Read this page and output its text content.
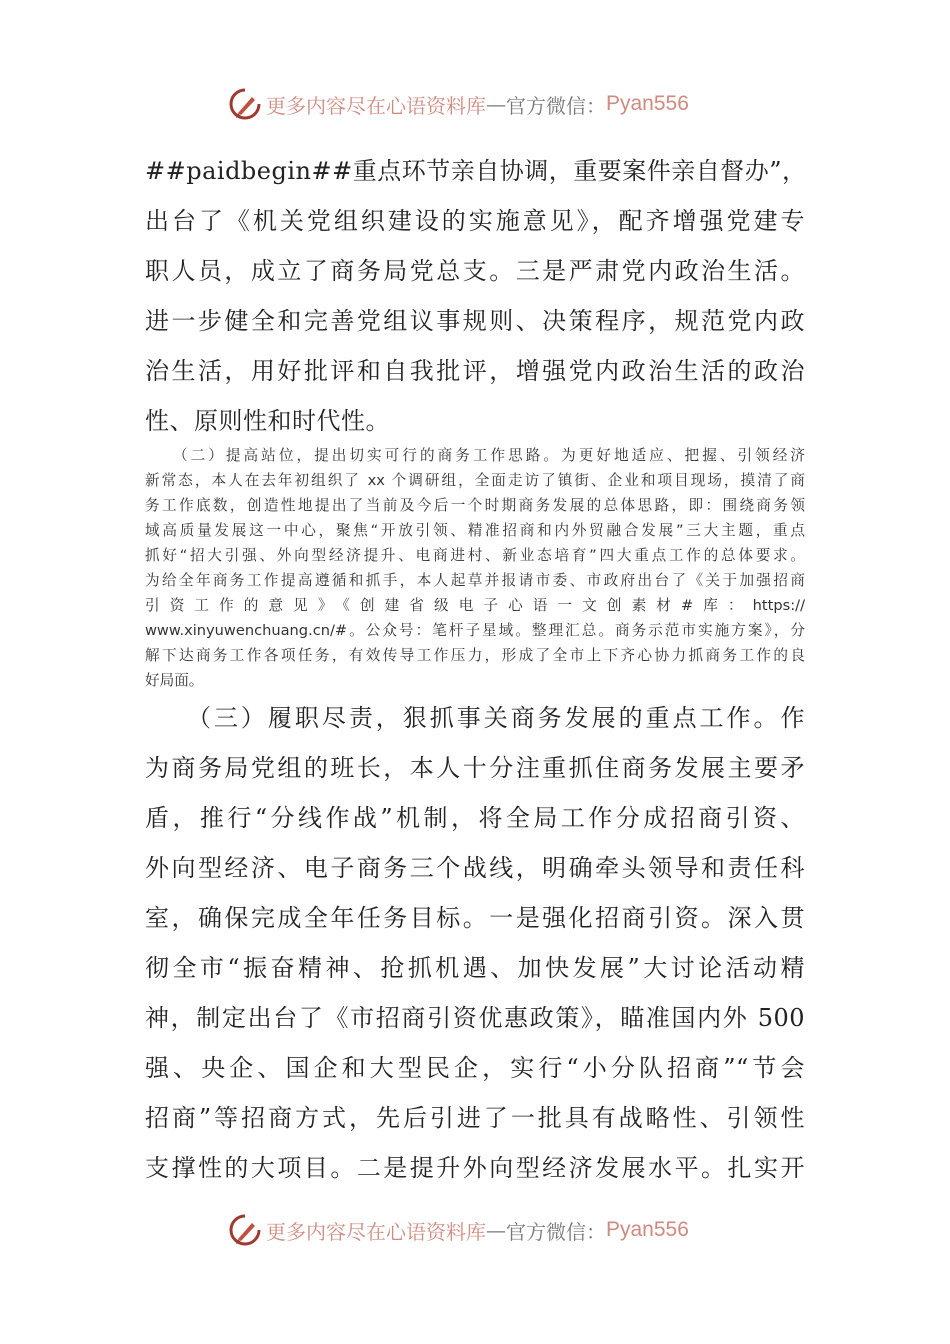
更多内容尽在心语资料库 — 官方微信： Pyan556
##paidbegin##重点环节亲自协调，重要案件亲自督办”，
出台了《机关党组织建设的实施意见》，配齐增强党建专
职人员，成立了商务局党总支。三是严肃党内政治生活。
进一步健全和完善党组议事规则、决策程序，规范党内政
治生活，用好批评和自我批评，增强党内政治生活的政治
性、原则性和时代性。
　　（二）提高站位，提出切实可行的商务工作思路。为更好地适应、把握、引领经济
新常态，本人在去年初组织了 xx 个调研组，全面走访了镇街、企业和项目现场，摸清了商
务工作底数，创造性地提出了当前及今后一个时期商务发展的总体思路，即：围绕商务领
域高质量发展这一中心，聚焦“开放引领、精准招商和内外贸融合发展”三大主题，重点
抓好“招大引强、外向型经济提升、电商进村、新业态培育”四大重点工作的总体要求。
为给全年商务工作提高遵循和抓手，本人起草并报请市委、市政府出台了《关于加强招商
引资工作的意见》《创建省级电子心语一文创素材#库：https://
www.xinyuwenchuang.cn/#。公众号：笔杆子星域。整理汇总。商务示范市实施方案》，分
解下达商务工作各项任务，有效传导工作压力，形成了全市上下齐心协力抓商务工作的良
好局面。
　　（三）履职尽责，狠抓事关商务发展的重点工作。作
为商务局党组的班长，本人十分注重抓住商务发展主要矛
盾，推行“分线作战”机制，将全局工作分成招商引资、
外向型经济、电子商务三个战线，明确牵头领导和责任科
室，确保完成全年任务目标。一是强化招商引资。深入贯
彻全市“振奋精神、抢抓机遇、加快发展”大讨论活动精
神，制定出台了《市招商引资优惠政策》，瞄准国内外 500
强、央企、国企和大型民企，实行“小分队招商”“节会
招商”等招商方式，先后引进了一批具有战略性、引领性
支撑性的大项目。二是提升外向型经济发展水平。扎实开
更多内容尽在心语资料库 — 官方微信： Pyan556
